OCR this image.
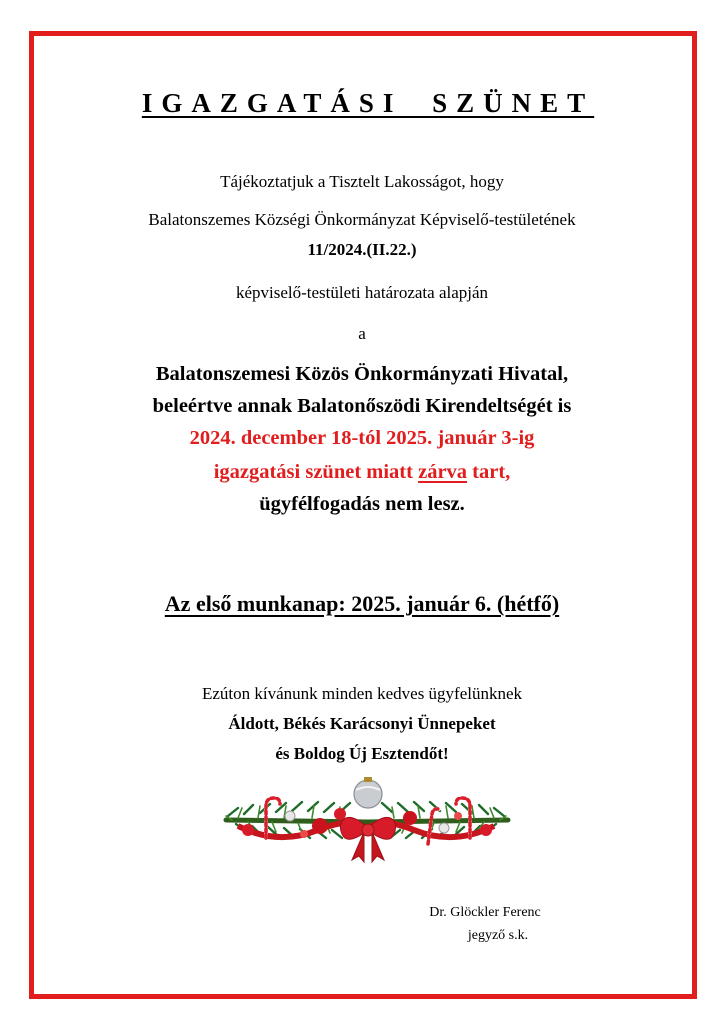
IGAZGATÁSI SZÜNET
Tájékoztatjuk a Tisztelt Lakosságot, hogy
Balatonszemes Községi Önkormányzat Képviselő-testületének
11/2024.(II.22.)
képviselő-testületi határozata alapján
a
Balatonszemesi Közös Önkormányzati Hivatal,
beleértve annak Balatonőszödi Kirendeltségét is
2024. december 18-tól 2025. január 3-ig
igazgatási szünet miatt zárva tart,
ügyfélfogadás nem lesz.
Az első munkanap: 2025. január 6. (hétfő)
Ezúton kívánunk minden kedves ügyfelünknek
Áldott, Békés Karácsonyi Ünnepeket
és Boldog Új Esztendőt!
Dr. Glöckler Ferenc
jegyző s.k.
